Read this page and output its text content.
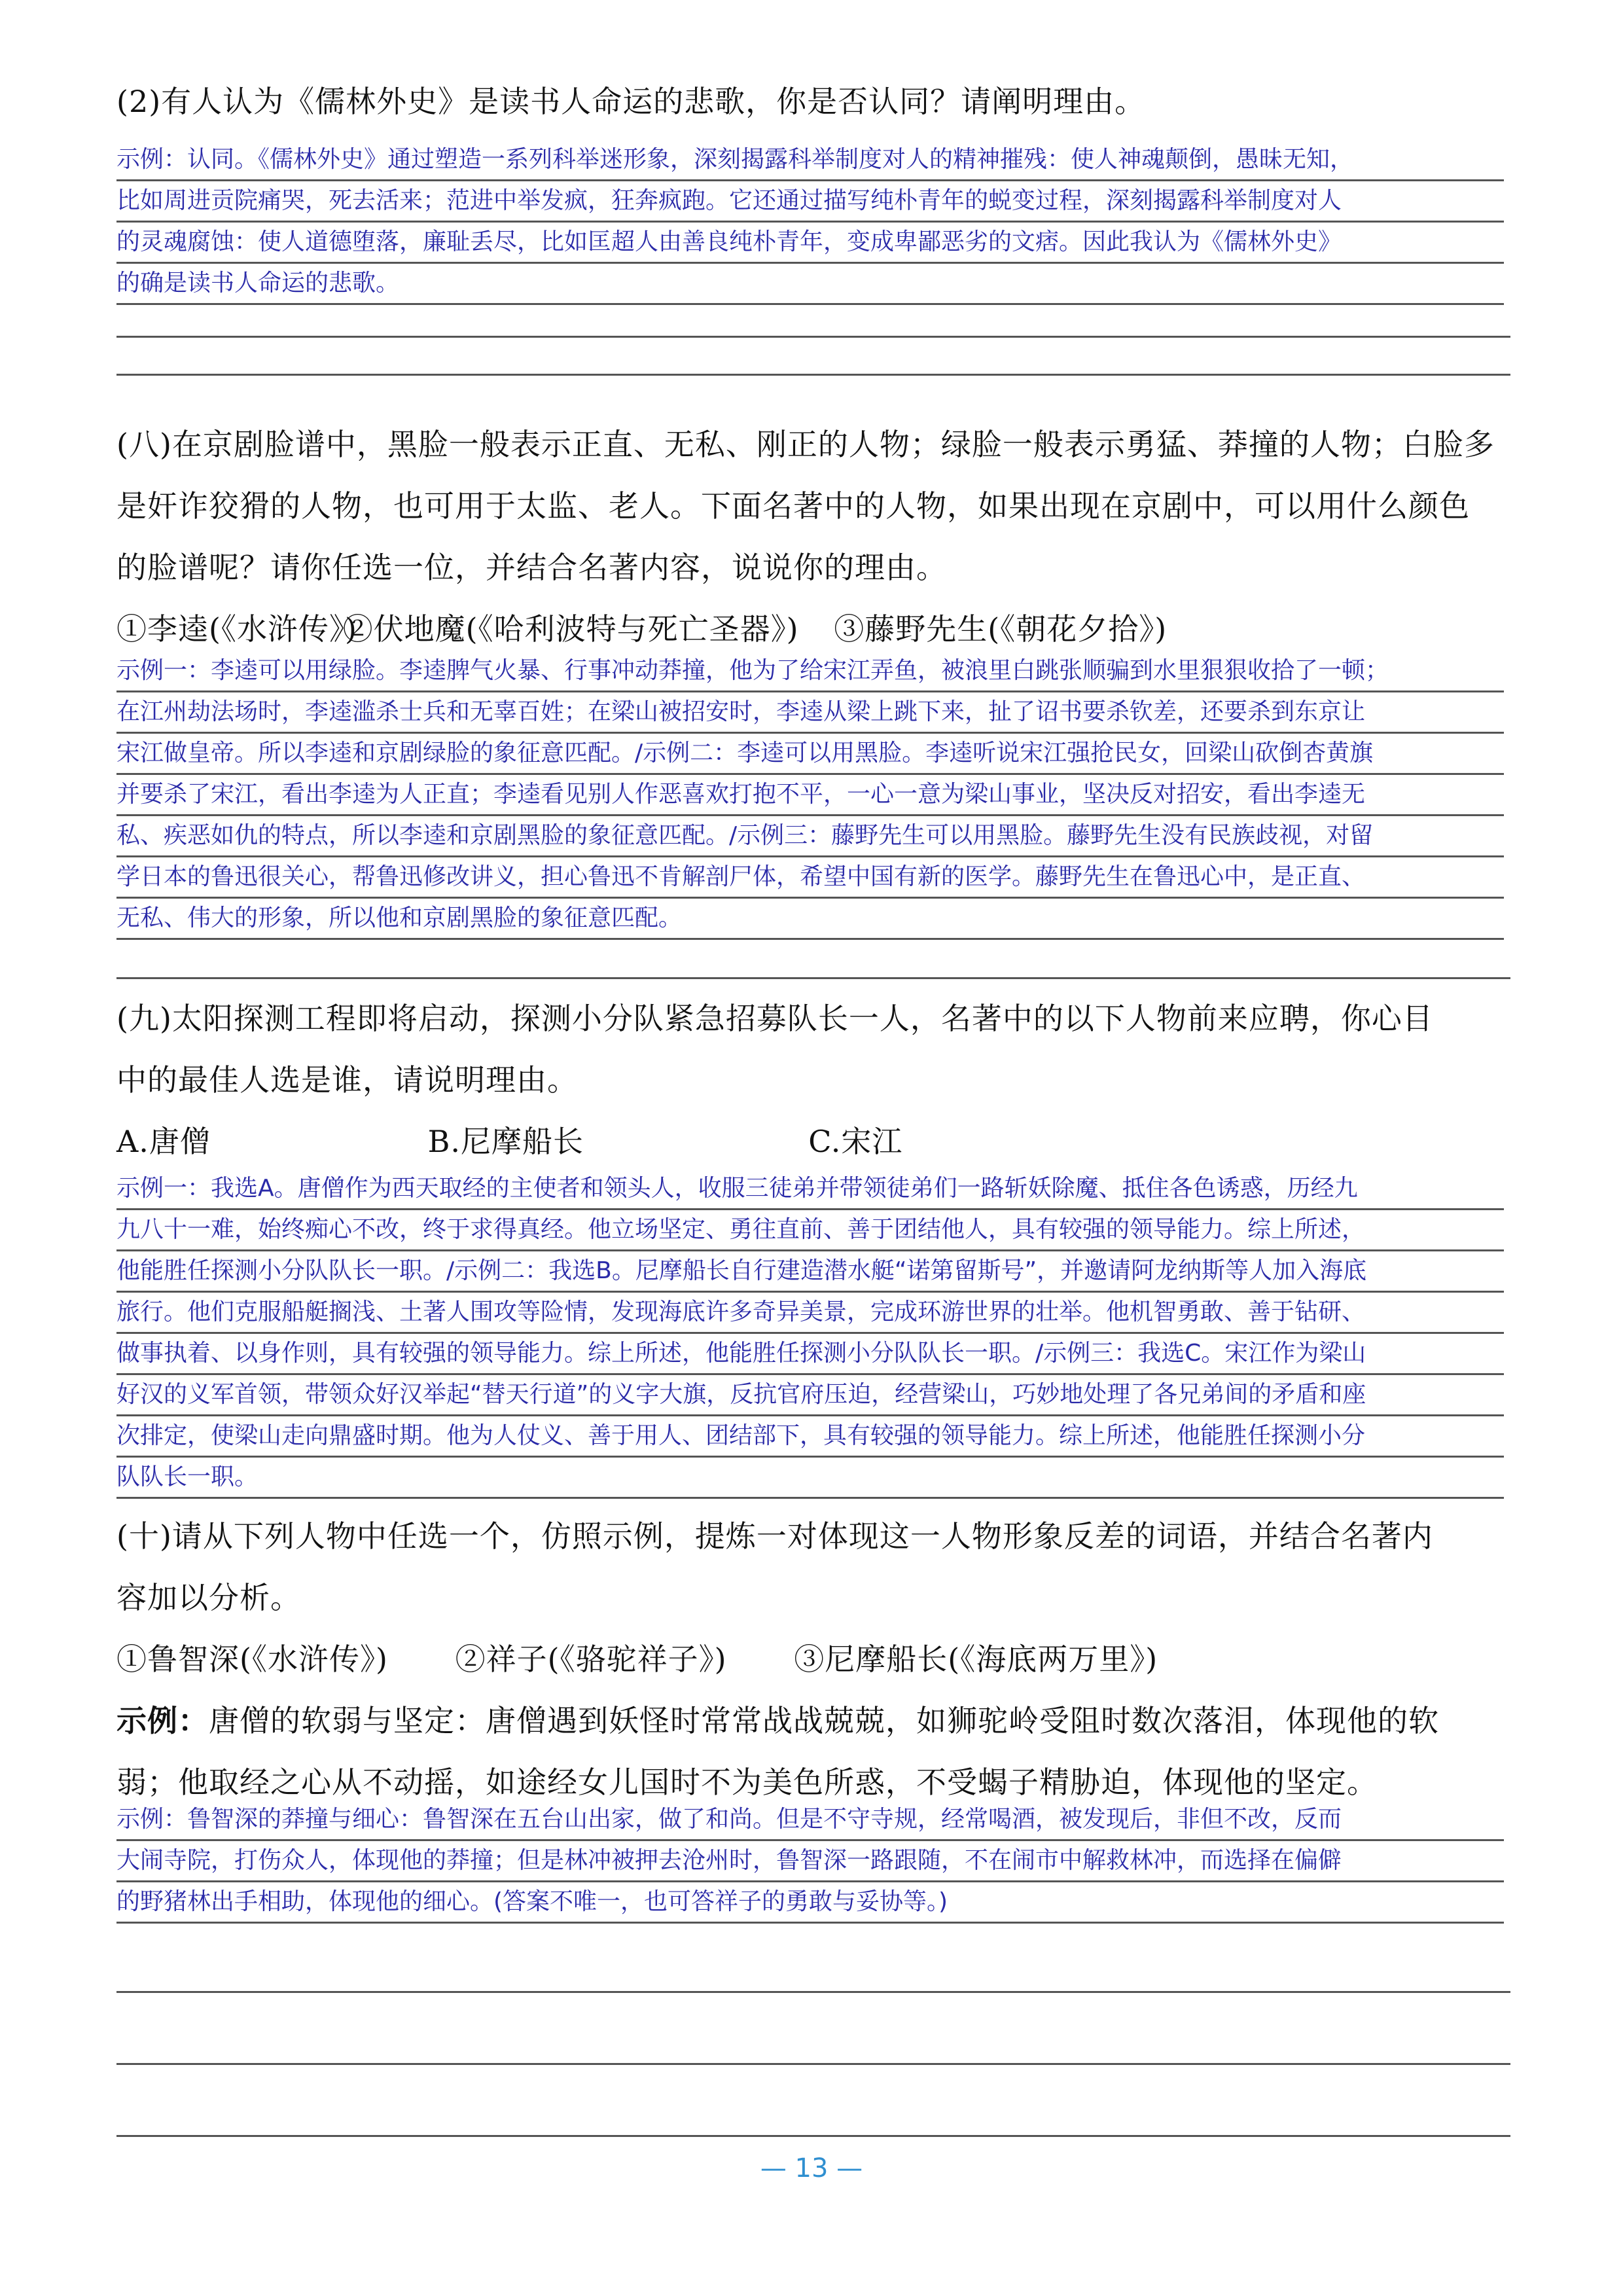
(2)有人认为《儒林外史》是读书人命运的悲歌，你是否认同？请阐明理由。
示例：认同。《儒林外史》通过塑造一系列科举迷形象，深刻揭露科举制度对人的精神摧残：使人神魂颠倒，愚昧无知，
比如周进贡院痛哭，死去活来；范进中举发疯，狂奔疯跑。它还通过描写纯朴青年的蜕变过程，深刻揭露科举制度对人
的灵魂腐蚀：使人道德堕落，廉耻丢尽，比如匡超人由善良纯朴青年，变成卑鄙恶劣的文痞。因此我认为《儒林外史》
的确是读书人命运的悲歌。
(八)在京剧脸谱中，黑脸一般表示正直、无私、刚正的人物；绿脸一般表示勇猛、莽撞的人物；白脸多
是奸诈狡猾的人物，也可用于太监、老人。下面名著中的人物，如果出现在京剧中，可以用什么颜色
的脸谱呢？请你任选一位，并结合名著内容，说说你的理由。
①李逵(《水浒传》) ②伏地魔(《哈利波特与死亡圣器》) ③藤野先生(《朝花夕拾》)
示例一：李逵可以用绿脸。李逵脾气火暴、行事冲动莽撞，他为了给宋江弄鱼，被浪里白跳张顺骗到水里狠狠收拾了一顿；
在江州劫法场时，李逵滥杀士兵和无辜百姓；在梁山被招安时，李逵从梁上跳下来，扯了诏书要杀钦差，还要杀到东京让
宋江做皇帝。所以李逵和京剧绿脸的象征意匹配。/示例二：李逵可以用黑脸。李逵听说宋江强抢民女，回梁山砍倒杏黄旗
并要杀了宋江，看出李逵为人正直；李逵看见别人作恶喜欢打抱不平，一心一意为梁山事业，坚决反对招安，看出李逵无
私、疾恶如仇的特点，所以李逵和京剧黑脸的象征意匹配。/示例三：藤野先生可以用黑脸。藤野先生没有民族歧视，对留
学日本的鲁迅很关心，帮鲁迅修改讲义，担心鲁迅不肯解剖尸体，希望中国有新的医学。藤野先生在鲁迅心中，是正直、
无私、伟大的形象，所以他和京剧黑脸的象征意匹配。
(九)太阳探测工程即将启动，探测小分队紧急招募队长一人，名著中的以下人物前来应聘，你心目
中的最佳人选是谁，请说明理由。
A.唐僧	B.尼摩船长	C.宋江
示例一：我选A。唐僧作为西天取经的主使者和领头人，收服三徒弟并带领徒弟们一路斩妖除魔、抵住各色诱惑，历经九
九八十一难，始终痴心不改，终于求得真经。他立场坚定、勇往直前、善于团结他人，具有较强的领导能力。综上所述，
他能胜任探测小分队队长一职。/示例二：我选B。尼摩船长自行建造潜水艇“诺第留斯号”，并邀请阿龙纳斯等人加入海底
旅行。他们克服船艇搁浅、土著人围攻等险情，发现海底许多奇异美景，完成环游世界的壮举。他机智勇敢、善于钻研、
做事执着、以身作则，具有较强的领导能力。综上所述，他能胜任探测小分队队长一职。/示例三：我选C。宋江作为梁山
好汉的义军首领，带领众好汉举起“替天行道”的义字大旗，反抗官府压迫，经营梁山，巧妙地处理了各兄弟间的矛盾和座
次排定，使梁山走向鼎盛时期。他为人仗义、善于用人、团结部下，具有较强的领导能力。综上所述，他能胜任探测小分
队队长一职。
(十)请从下列人物中任选一个，仿照示例，提炼一对体现这一人物形象反差的词语，并结合名著内
容加以分析。
①鲁智深(《水浒传》) ②祥子(《骆驼祥子》) ③尼摩船长(《海底两万里》)
示例：唐僧的软弱与坚定：唐僧遇到妖怪时常常战战兢兢，如狮驼岭受阻时数次落泪，体现他的软
弱；他取经之心从不动摇，如途经女儿国时不为美色所惑，不受蝎子精胁迫，体现他的坚定。
示例：鲁智深的莽撞与细心：鲁智深在五台山出家，做了和尚。但是不守寺规，经常喝酒，被发现后，非但不改，反而
大闹寺院，打伤众人，体现他的莽撞；但是林冲被押去沧州时，鲁智深一路跟随，不在闹市中解救林冲，而选择在偏僻
的野猪林出手相助，体现他的细心。(答案不唯一，也可答祥子的勇敢与妥协等。)
— 13 —
